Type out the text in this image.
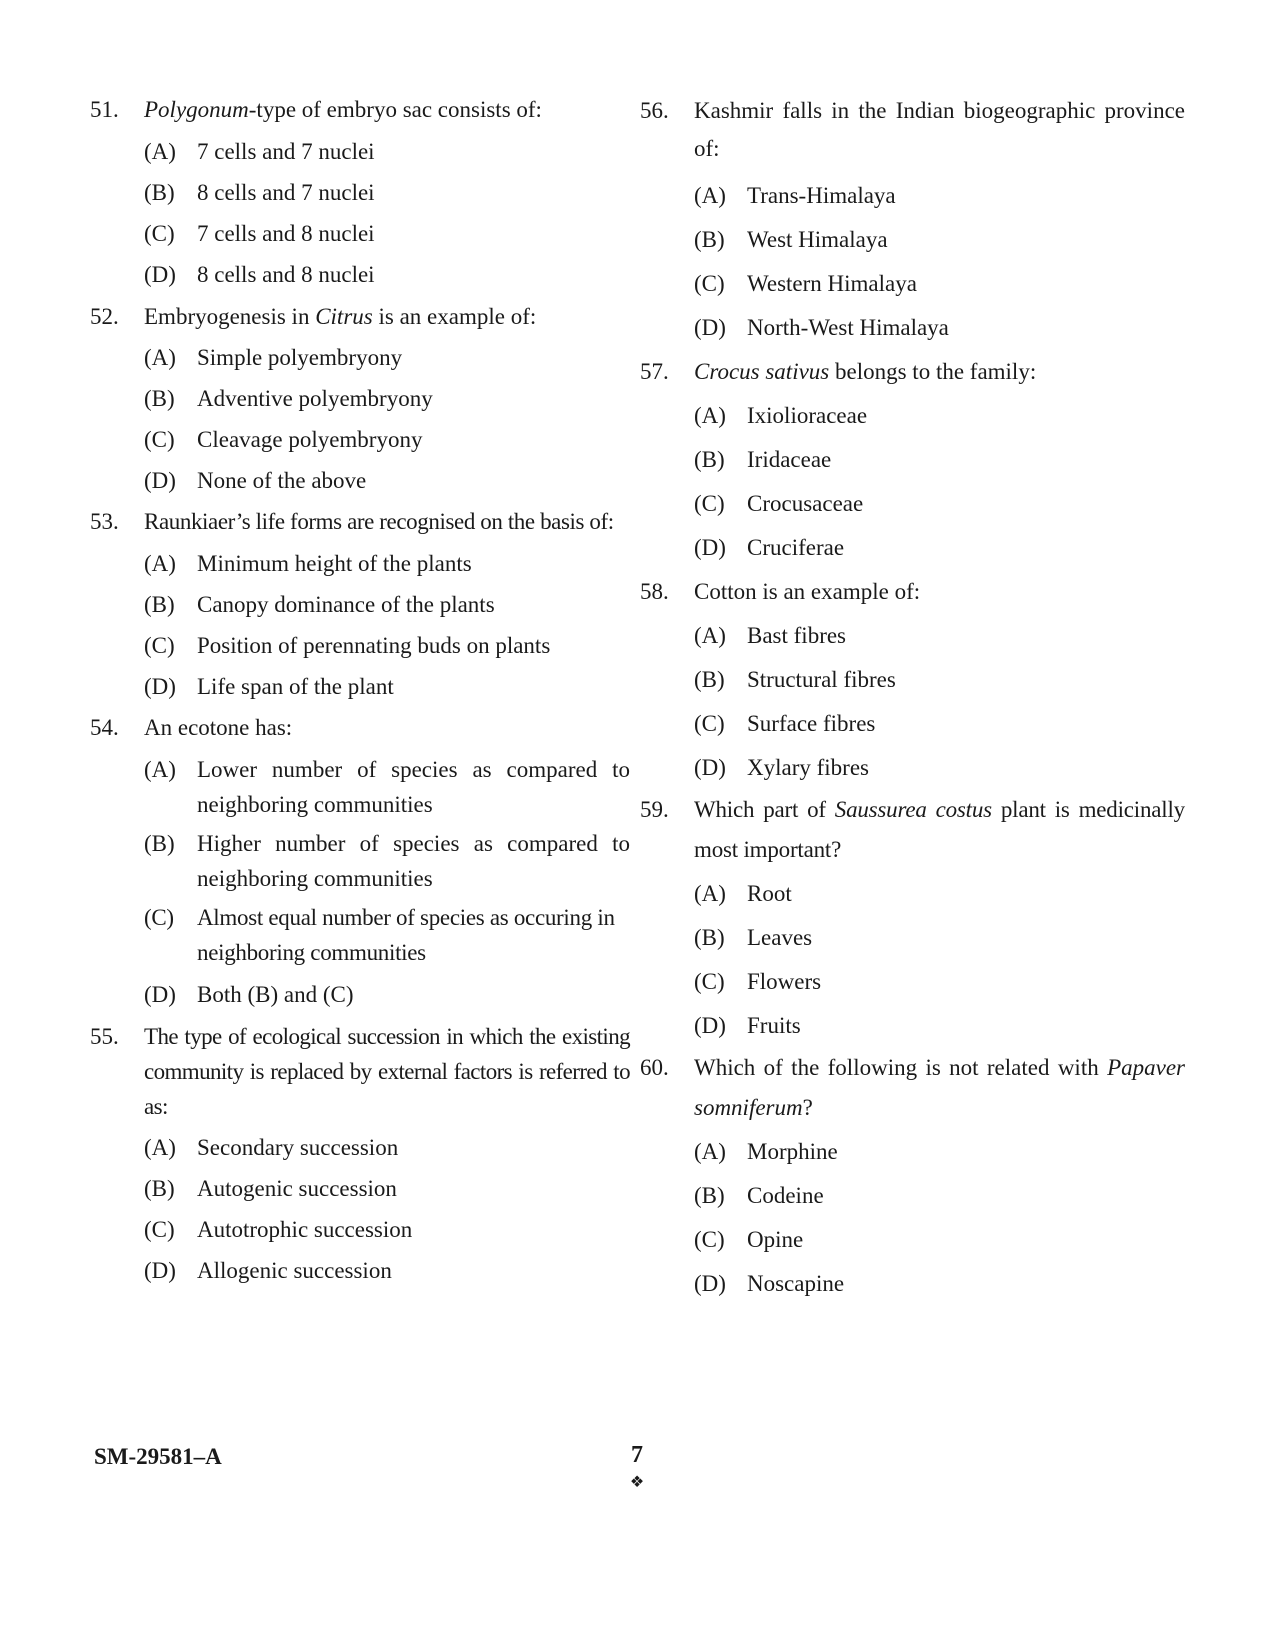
51.	Polygonum-type of embryo sac consists of:
(A) 7 cells and 7 nuclei
(B) 8 cells and 7 nuclei
(C) 7 cells and 8 nuclei
(D) 8 cells and 8 nuclei
52.	Embryogenesis in Citrus is an example of:
(A) Simple polyembryony
(B) Adventive polyembryony
(C) Cleavage polyembryony
(D) None of the above
53.	Raunkiaer’s life forms are recognised on the basis of:
(A) Minimum height of the plants
(B) Canopy dominance of the plants
(C) Position of perennating buds on plants
(D) Life span of the plant
54.	An ecotone has:
(A) Lower number of species as compared to neighboring communities
(B) Higher number of species as compared to neighboring communities
(C)	Almost equal number of species as occuring in neighboring communities
(D) Both (B) and (C)
55.	The type of ecological succession in which the existing community is replaced by external factors is referred to as:
(A) Secondary succession
(B) Autogenic succession
(C) Autotrophic succession
(D) Allogenic succession
56.	Kashmir falls in the Indian biogeographic province of:
(A) Trans-Himalaya
(B) West Himalaya
(C) Western Himalaya
(D) North-West Himalaya
57.	Crocus sativus belongs to the family:
(A) Ixiolioraceae
(B) Iridaceae
(C) Crocusaceae
(D) Cruciferae
58.	Cotton is an example of:
(A) Bast fibres
(B) Structural fibres
(C) Surface fibres
(D) Xylary fibres
59.	Which part of Saussurea costus plant is medicinally most important?
(A) Root
(B) Leaves
(C) Flowers
(D) Fruits
60.	Which of the following is not related with Papaver somniferum?
(A) Morphine
(B) Codeine
(C) Opine
(D) Noscapine
SM-29581–A	7
❖
